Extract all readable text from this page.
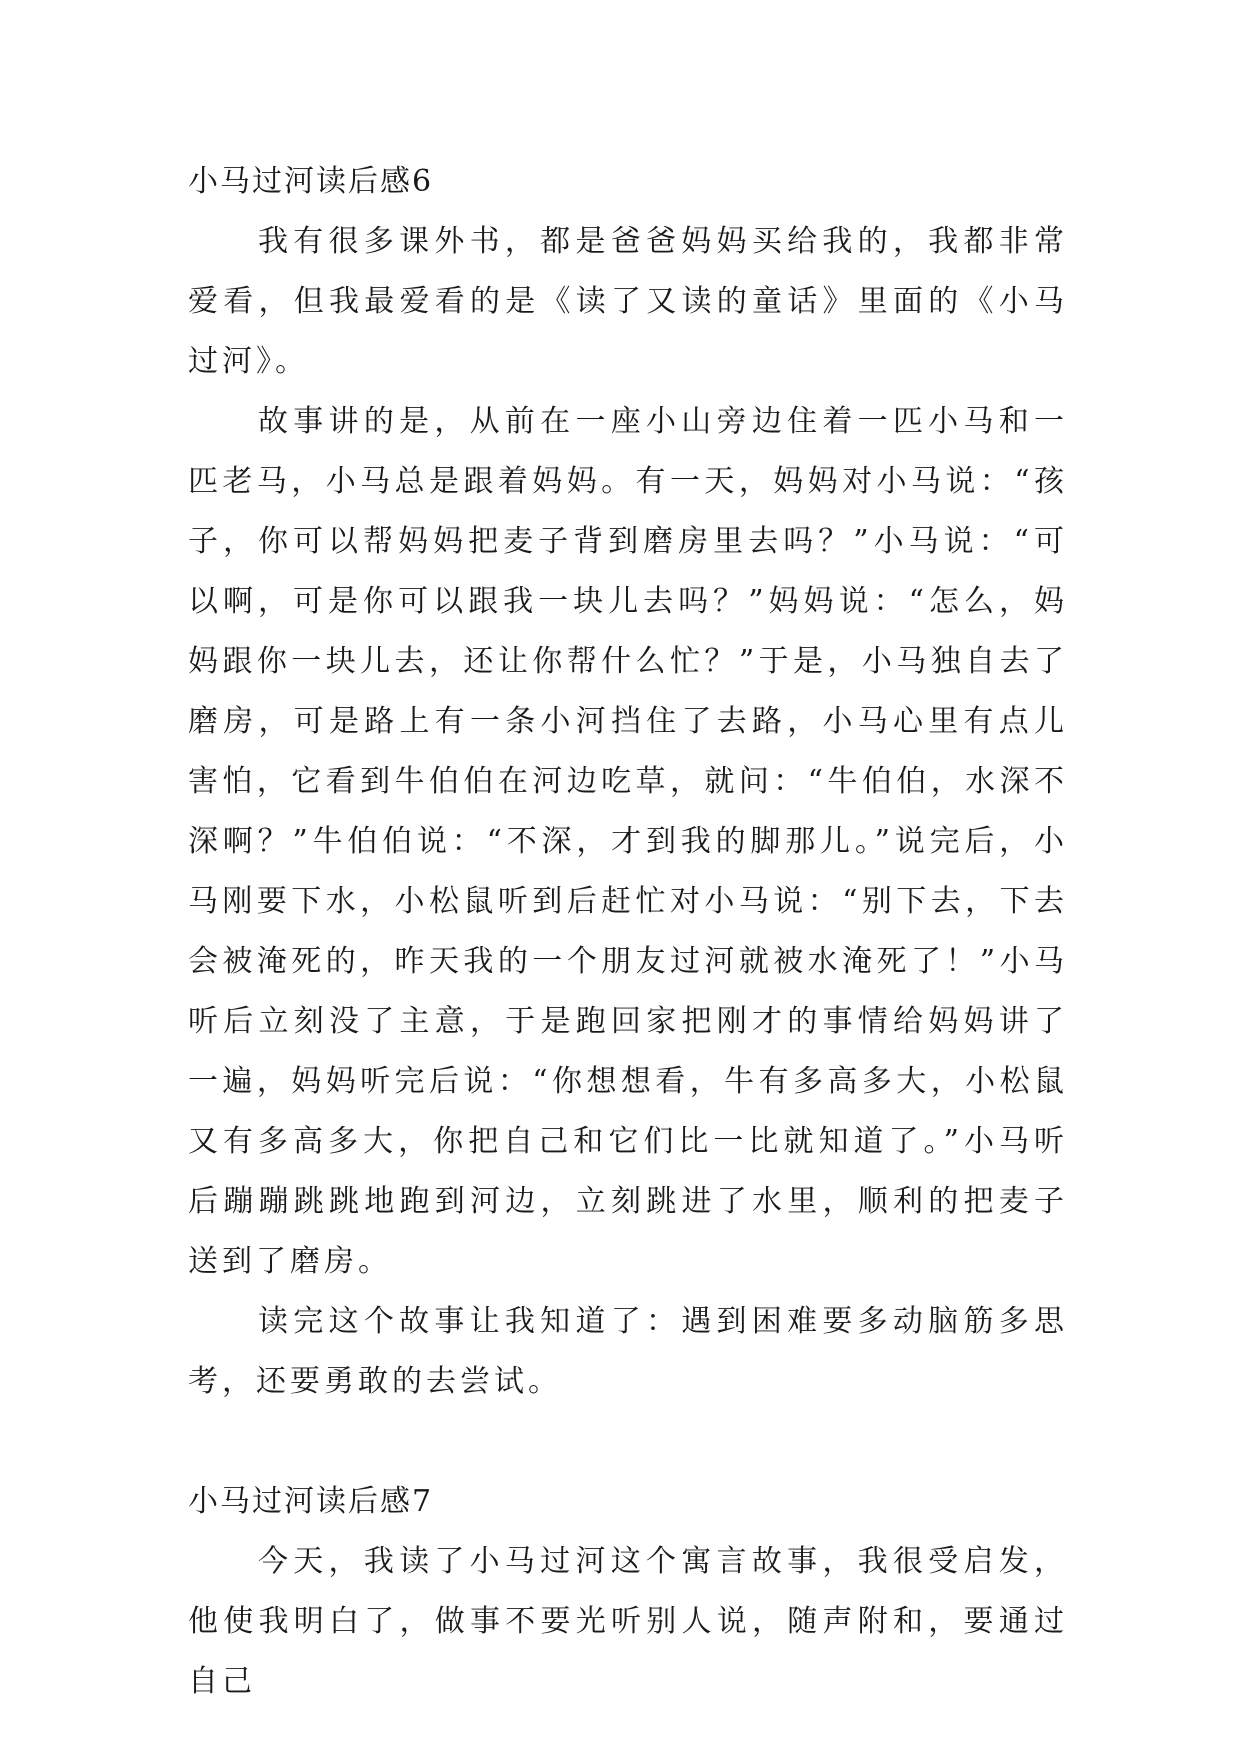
小马过河读后感6

我有很多课外书，都是爸爸妈妈买给我的，我都非常爱看，但我最爱看的是《读了又读的童话》里面的《小马过河》。

故事讲的是，从前在一座小山旁边住着一匹小马和一匹老马，小马总是跟着妈妈。有一天，妈妈对小马说：“孩子，你可以帮妈妈把麦子背到磨房里去吗？”小马说：“可以啊，可是你可以跟我一块儿去吗？”妈妈说：“怎么，妈妈跟你一块儿去，还让你帮什么忙？”于是，小马独自去了磨房，可是路上有一条小河挡住了去路，小马心里有点儿害怕，它看到牛伯伯在河边吃草，就问：“牛伯伯，水深不深啊？”牛伯伯说：“不深，才到我的脚那儿。”说完后，小马刚要下水，小松鼠听到后赶忙对小马说：“别下去，下去会被淹死的，昨天我的一个朋友过河就被水淹死了！”小马听后立刻没了主意，于是跑回家把刚才的事情给妈妈讲了一遍，妈妈听完后说：“你想想看，牛有多高多大，小松鼠又有多高多大，你把自己和它们比一比就知道了。”小马听后蹦蹦跳跳地跑到河边，立刻跳进了水里，顺利的把麦子送到了磨房。

读完这个故事让我知道了：遇到困难要多动脑筋多思考，还要勇敢的去尝试。

小马过河读后感7

今天，我读了小马过河这个寓言故事，我很受启发，他使我明白了，做事不要光听别人说，随声附和，要通过自己
